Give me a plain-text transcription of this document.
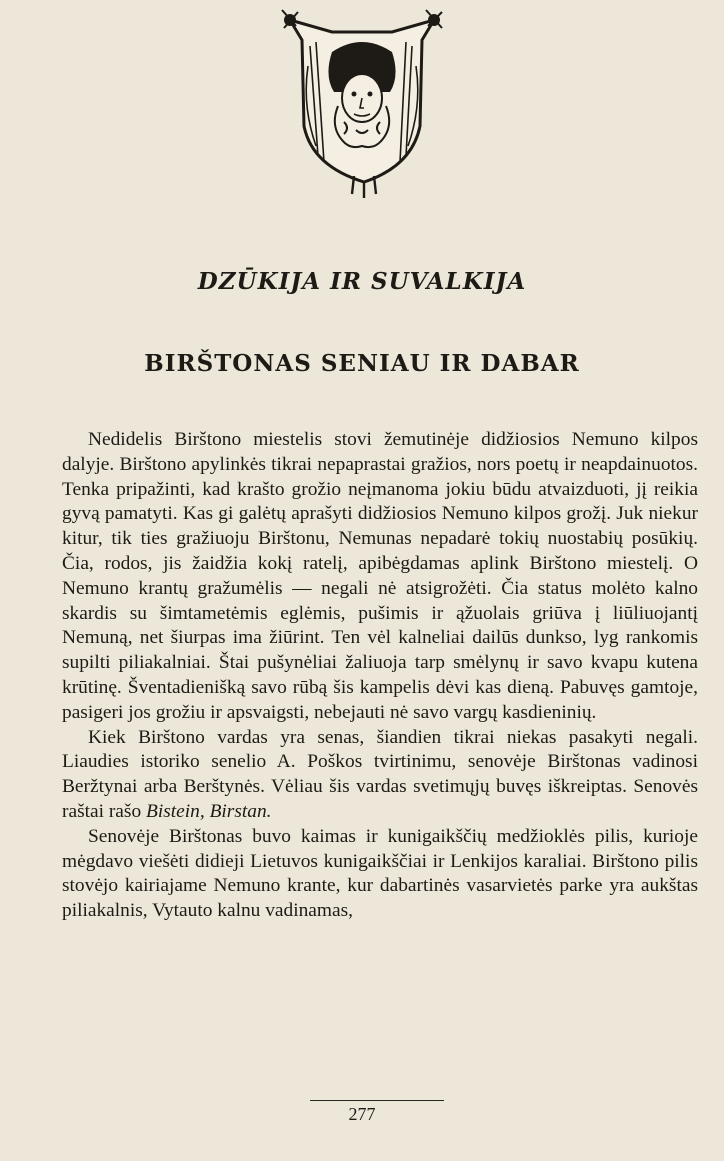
DZŪKIJA IR SUVALKIJA
BIRŠTONAS SENIAU IR DABAR

Nedidelis Birštono miestelis stovi žemutinėje didžiosios Nemuno kilpos dalyje. Birštono apylinkės tikrai nepaprastai gražios, nors poetų ir neapdainuotos. Tenka pripažinti, kad krašto grožio neįmanoma jokiu būdu atvaizduoti, jį reikia gyvą pamatyti. Kas gi galėtų aprašyti didžiosios Nemuno kilpos grožį. Juk niekur kitur, tik ties gražiuoju Birštonu, Nemunas nepadarė tokių nuostabių posūkių. Čia, rodos, jis žaidžia kokį ratelį, apibėgdamas aplink Birštono miestelį. O Nemuno krantų gražumėlis — negali nė atsigrožėti. Čia status molėto kalno skardis su šimtametėmis eglėmis, pušimis ir ąžuolais griūva į liūliuojantį Nemuną, net šiurpas ima žiūrint. Ten vėl kalneliai dailūs dunkso, lyg rankomis supilti piliakalniai. Štai pušynėliai žaliuoja tarp smėlynų ir savo kvapu kutena krūtinę. Šventadienišką savo rūbą šis kampelis dėvi kas dieną. Pabuvęs gamtoje, pasigeri jos grožiu ir apsvaigsti, nebejauti nė savo vargų kasdieninių.

Kiek Birštono vardas yra senas, šiandien tikrai niekas pasakyti negali. Liaudies istoriko senelio A. Poškos tvirtinimu, senovėje Birštonas vadinosi Beržtynai arba Berštynės. Vėliau šis vardas svetimųjų buvęs iškreiptas. Senovės raštai rašo Bistein, Birstan.

Senovėje Birštonas buvo kaimas ir kunigaikščių medžioklės pilis, kurioje mėgdavo viešėti didieji Lietuvos kunigaikščiai ir Lenkijos karaliai. Birštono pilis stovėjo kairiajame Nemuno krante, kur dabartinės vasarvietės parke yra aukštas piliakalnis, Vytauto kalnu vadinamas,

277
